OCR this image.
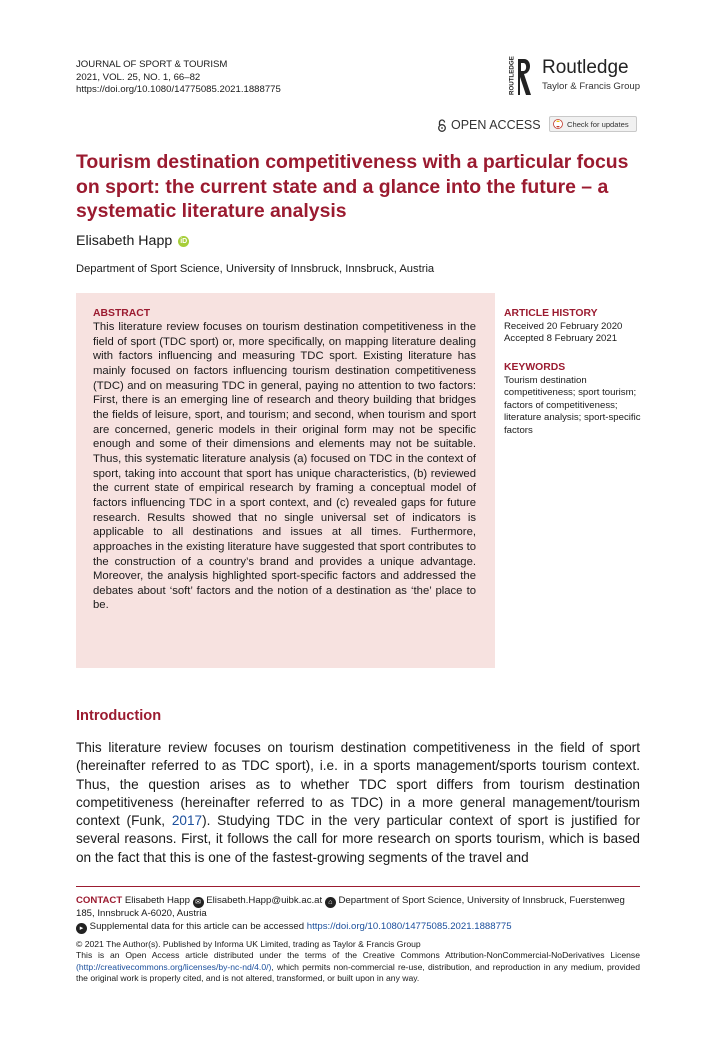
JOURNAL OF SPORT & TOURISM
2021, VOL. 25, NO. 1, 66–82
https://doi.org/10.1080/14775085.2021.1888775	ROUTLEDGE Routledge
Taylor & Francis Group
OPEN ACCESS	Check for updates
Tourism destination competitiveness with a particular focus on sport: the current state and a glance into the future – a systematic literature analysis
Elisabeth Happ iD
Department of Sport Science, University of Innsbruck, Innsbruck, Austria
ABSTRACT
This literature review focuses on tourism destination competitiveness in the field of sport (TDC sport) or, more specifically, on mapping literature dealing with factors influencing and measuring TDC sport. Existing literature has mainly focused on factors influencing tourism destination competitiveness (TDC) and on measuring TDC in general, paying no attention to two factors: First, there is an emerging line of research and theory building that bridges the fields of leisure, sport, and tourism; and second, when tourism and sport are concerned, generic models in their original form may not be specific enough and some of their dimensions and elements may not be suitable. Thus, this systematic literature analysis (a) focused on TDC in the context of sport, taking into account that sport has unique characteristics, (b) reviewed the current state of empirical research by framing a conceptual model of factors influencing TDC in a sport context, and (c) revealed gaps for future research. Results showed that no single universal set of indicators is applicable to all destinations and issues at all times. Furthermore, approaches in the existing literature have suggested that sport contributes to the construction of a country’s brand and provides a unique advantage. Moreover, the analysis highlighted sport-specific factors and addressed the debates about ‘soft’ factors and the notion of a destination as ‘the’ place to be.
ARTICLE HISTORY
Received 20 February 2020
Accepted 8 February 2021
KEYWORDS
Tourism destination competitiveness; sport tourism; factors of competitiveness; literature analysis; sport-specific factors
Introduction
This literature review focuses on tourism destination competitiveness in the field of sport (hereinafter referred to as TDC sport), i.e. in a sports management/sports tourism context. Thus, the question arises as to whether TDC sport differs from tourism destination competitiveness (hereinafter referred to as TDC) in a more general management/tourism context (Funk, 2017). Studying TDC in the very particular context of sport is justified for several reasons. First, it follows the call for more research on sports tourism, which is based on the fact that this is one of the fastest-growing segments of the travel and
CONTACT Elisabeth Happ ✉ Elisabeth.Happ@uibk.ac.at ⌂ Department of Sport Science, University of Innsbruck, Fuerstenweg 185, Innsbruck A-6020, Austria
▸ Supplemental data for this article can be accessed https://doi.org/10.1080/14775085.2021.1888775
© 2021 The Author(s). Published by Informa UK Limited, trading as Taylor & Francis Group
This is an Open Access article distributed under the terms of the Creative Commons Attribution-NonCommercial-NoDerivatives License (http://creativecommons.org/licenses/by-nc-nd/4.0/), which permits non-commercial re-use, distribution, and reproduction in any medium, provided the original work is properly cited, and is not altered, transformed, or built upon in any way.
